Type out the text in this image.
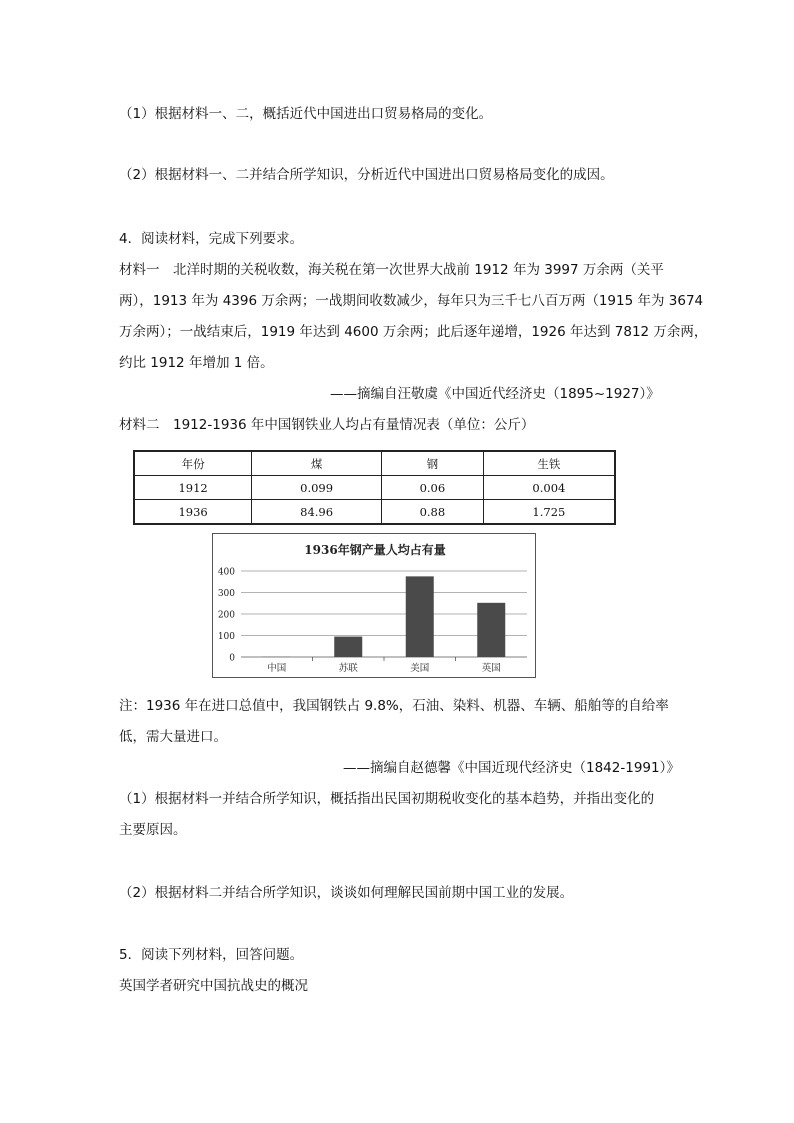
（1）根据材料一、二，概括近代中国进出口贸易格局的变化。
（2）根据材料一、二并结合所学知识，分析近代中国进出口贸易格局变化的成因。
4．阅读材料，完成下列要求。
材料一　北洋时期的关税收数，海关税在第一次世界大战前 1912 年为 3997 万余两（关平
两），1913 年为 4396 万余两；一战期间收数减少，每年只为三千七八百万两（1915 年为 3674
万余两）；一战结束后，1919 年达到 4600 万余两；此后逐年递增，1926 年达到 7812 万余两，
约比 1912 年增加 1 倍。
——摘编自汪敬虞《中国近代经济史（1895~1927）》
材料二　1912-1936 年中国钢铁业人均占有量情况表（单位：公斤）
年份	煤	钢	生铁
1912	0.099	0.06	0.004
1936	84.96	0.88	1.725
1936年钢产量人均占有量
400
300
200
100
0
中国	苏联	美国	英国
注：1936 年在进口总值中，我国钢铁占 9.8%，石油、染料、机器、车辆、船舶等的自给率
低，需大量进口。
——摘编自赵德馨《中国近现代经济史（1842-1991）》
（1）根据材料一并结合所学知识，概括指出民国初期税收变化的基本趋势，并指出变化的
主要原因。
（2）根据材料二并结合所学知识，谈谈如何理解民国前期中国工业的发展。
5．阅读下列材料，回答问题。
英国学者研究中国抗战史的概况
